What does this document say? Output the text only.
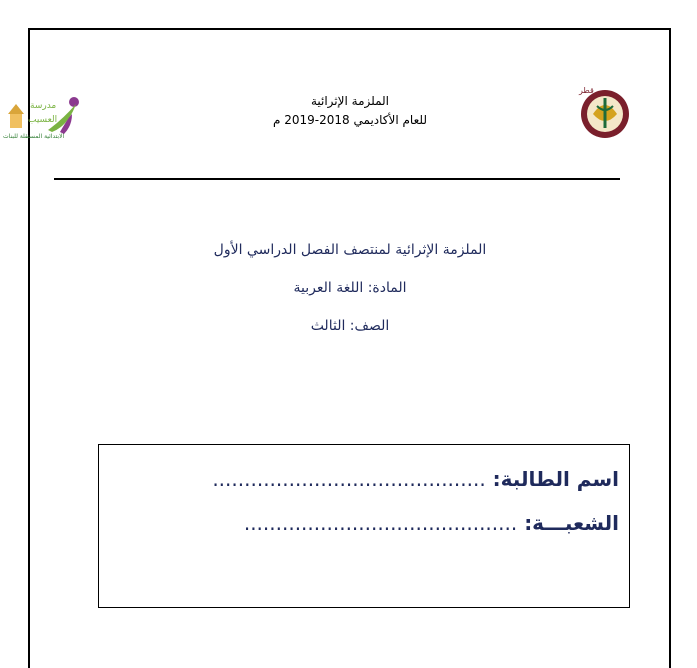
مدرسة
العسيب
الابتدائية المستقلة للبنات
الملزمة الإثرائية
للعام الأكاديمي 2018-2019 م
قطر
الملزمة الإثرائية لمنتصف الفصل الدراسي الأول
المادة: اللغة العربية
الصف: الثالث
اسم الطالبة: ...........................................
الشعبـــة: ...........................................
